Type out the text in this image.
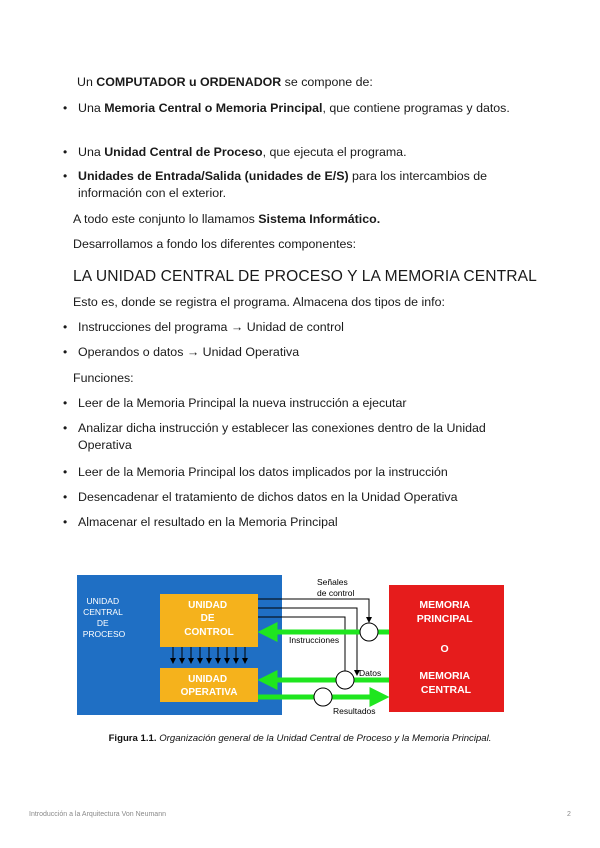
Un COMPUTADOR u ORDENADOR se compone de:

• Una Memoria Central o Memoria Principal, que contiene programas y datos.
• Una Unidad Central de Proceso, que ejecuta el programa.
• Unidades de Entrada/Salida (unidades de E/S) para los intercambios de información con el exterior.

A todo este conjunto lo llamamos Sistema Informático.

Desarrollamos a fondo los diferentes componentes:

LA UNIDAD CENTRAL DE PROCESO Y LA MEMORIA CENTRAL

Esto es, donde se registra el programa. Almacena dos tipos de info:

• Instrucciones del programa → Unidad de control
• Operandos o datos → Unidad Operativa

Funciones:

• Leer de la Memoria Principal la nueva instrucción a ejecutar
• Analizar dicha instrucción y establecer las conexiones dentro de la Unidad Operativa
• Leer de la Memoria Principal los datos implicados por la instrucción
• Desencadenar el tratamiento de dichos datos en la Unidad Operativa
• Almacenar el resultado en la Memoria Principal
UNIDAD CENTRAL DE PROCESO
UNIDAD DE CONTROL
UNIDAD OPERATIVA
MEMORIA PRINCIPAL O MEMORIA CENTRAL
Señales de control
Instrucciones
Datos
Resultados

Figura 1.1. Organización general de la Unidad Central de Proceso y la Memoria Principal.

Introducción a la Arquitectura Von Neumann	2
